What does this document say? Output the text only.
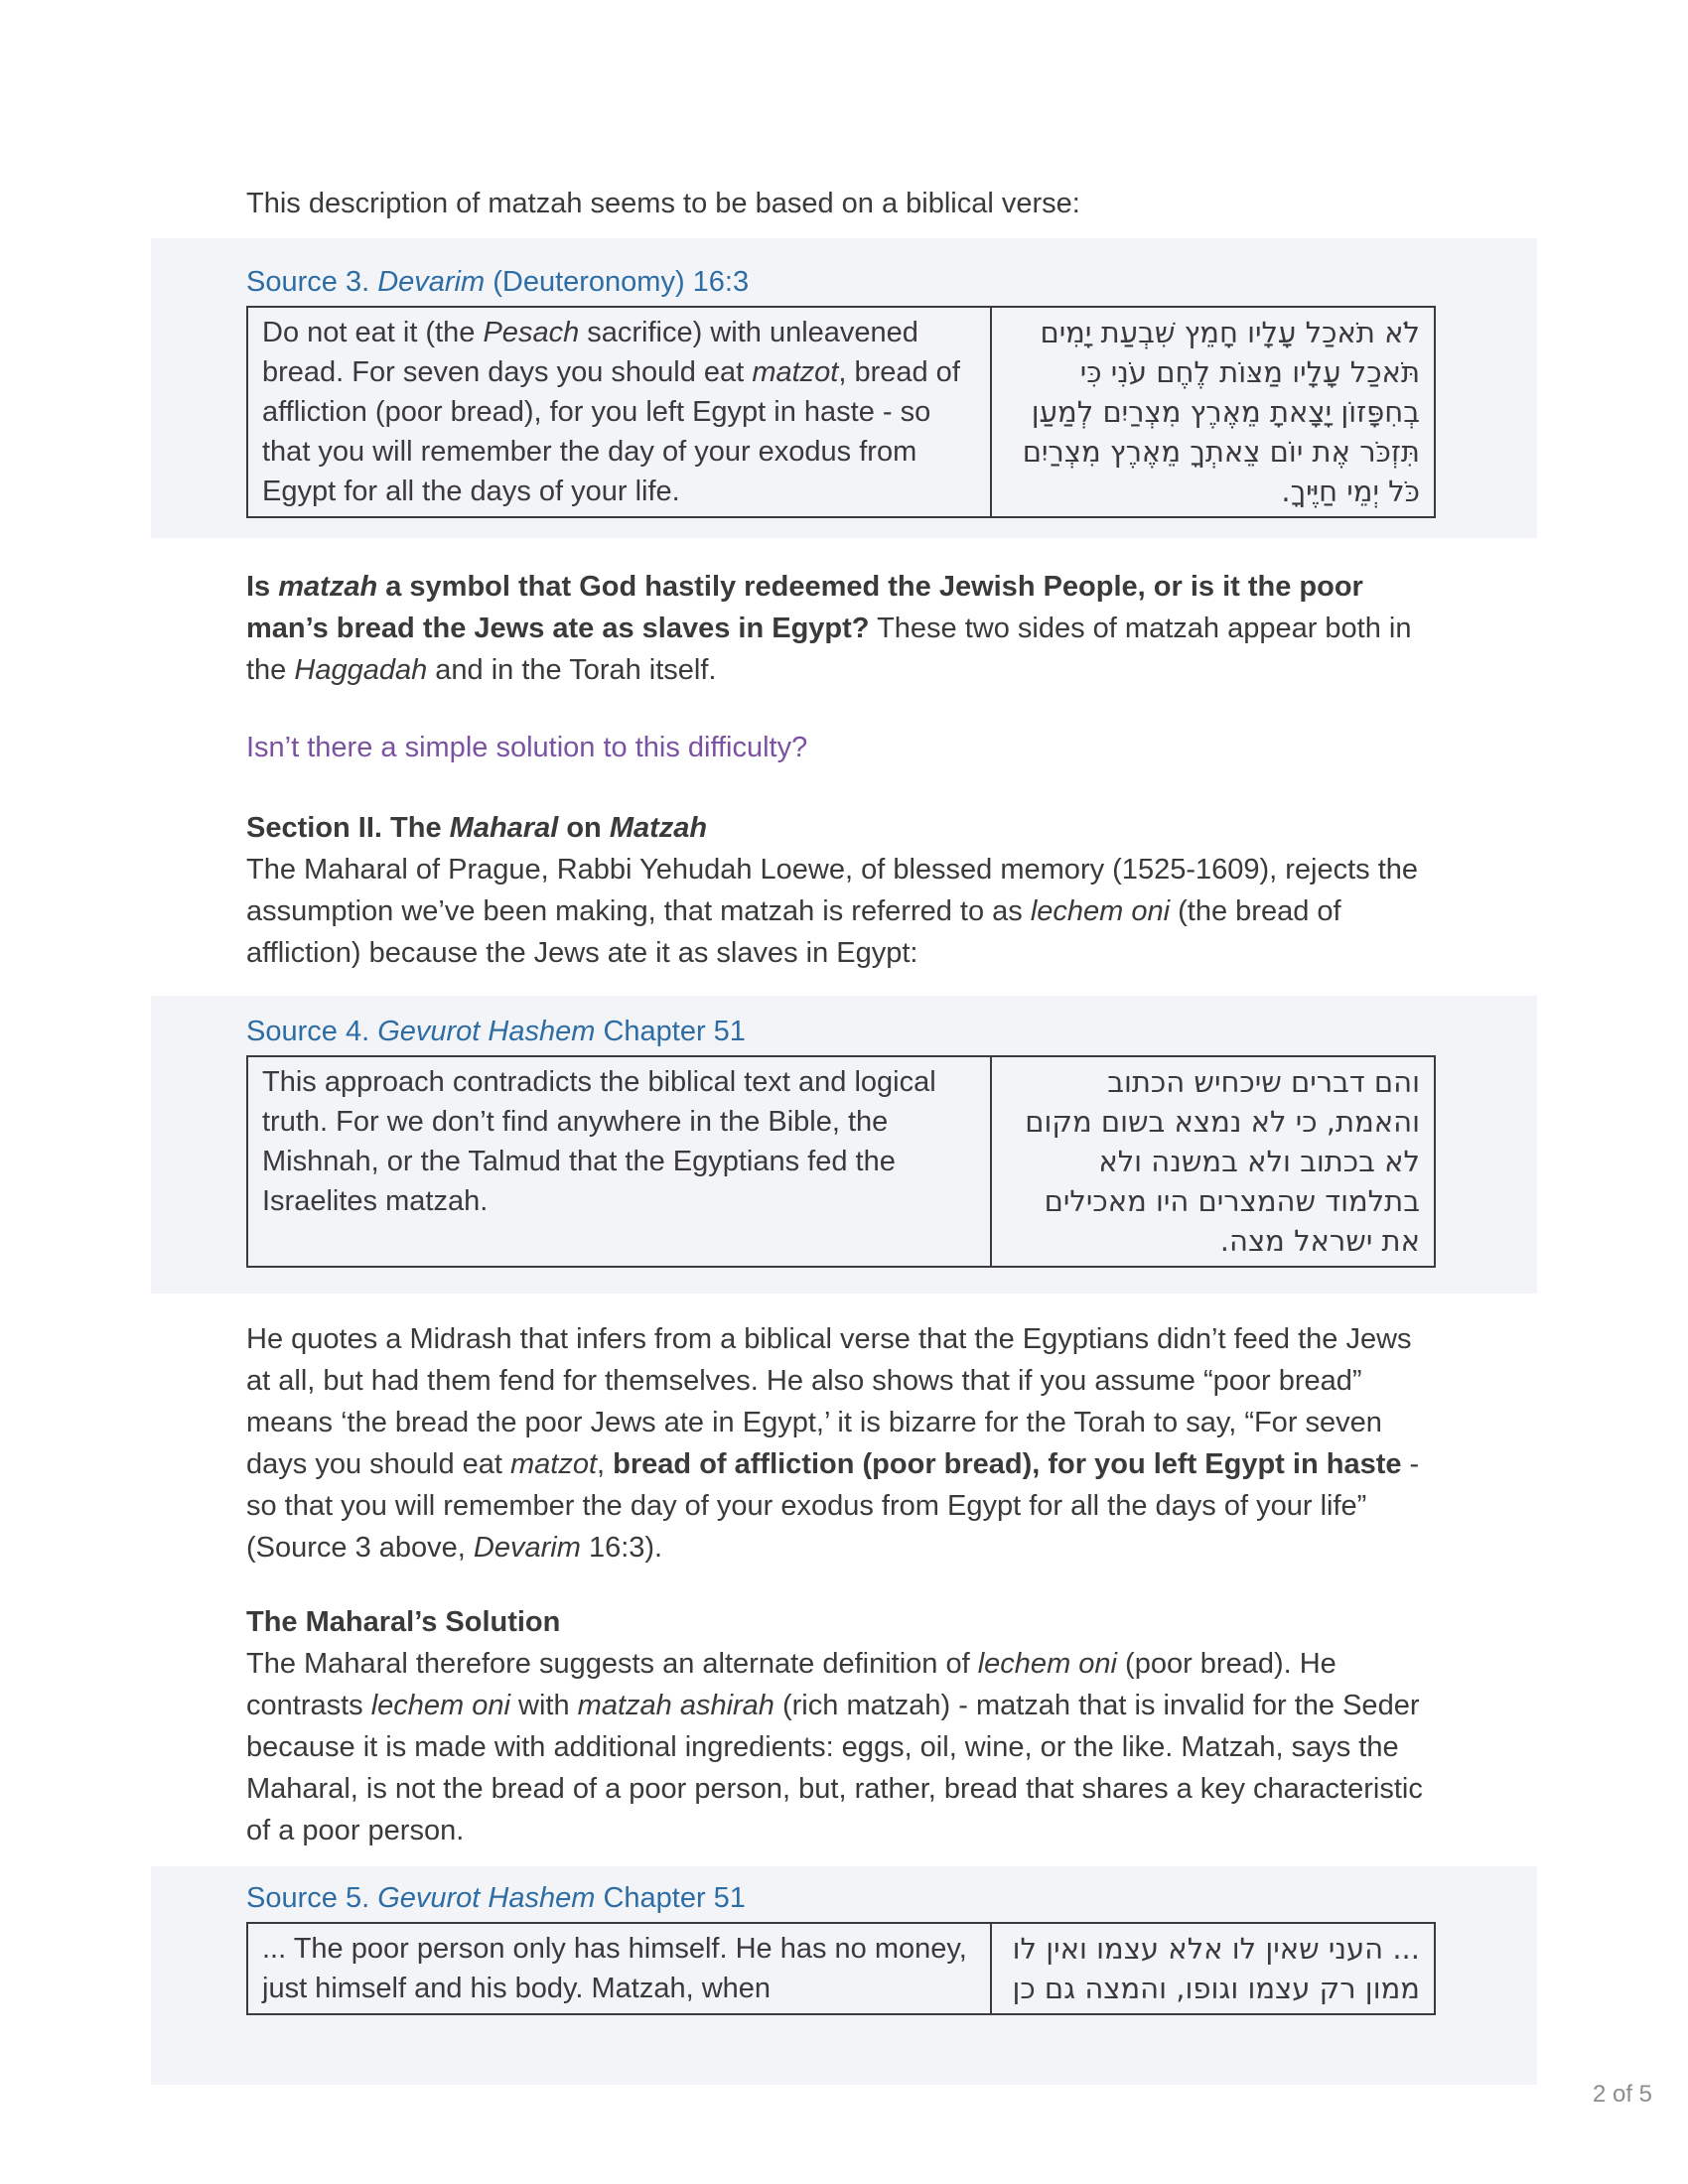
This description of matzah seems to be based on a biblical verse:

Source 3. Devarim (Deuteronomy) 16:3

Do not eat it (the Pesach sacrifice) with unleavened bread. For seven days you should eat matzot, bread of affliction (poor bread), for you left Egypt in haste - so that you will remember the day of your exodus from Egypt for all the days of your life.	לֹא תֹאכַל עָלָיו חָמֵץ שִׁבְעַת יָמִים תֹּאכַל עָלָיו מַצּוֹת לֶחֶם עֹנִי כִּי בְחִפָּזוֹן יָצָאתָ מֵאֶרֶץ מִצְרַיִם לְמַעַן תִּזְכֹּר אֶת יוֹם צֵאתְךָ מֵאֶרֶץ מִצְרַיִם כֹּל יְמֵי חַיֶּיךָ.

Is matzah a symbol that God hastily redeemed the Jewish People, or is it the poor man’s bread the Jews ate as slaves in Egypt? These two sides of matzah appear both in the Haggadah and in the Torah itself.

Isn’t there a simple solution to this difficulty?

Section II. The Maharal on Matzah

The Maharal of Prague, Rabbi Yehudah Loewe, of blessed memory (1525-1609), rejects the assumption we’ve been making, that matzah is referred to as lechem oni (the bread of affliction) because the Jews ate it as slaves in Egypt:

Source 4. Gevurot Hashem Chapter 51

This approach contradicts the biblical text and logical truth. For we don’t find anywhere in the Bible, the Mishnah, or the Talmud that the Egyptians fed the Israelites matzah.	והם דברים שיכחיש הכתוב והאמת, כי לא נמצא בשום מקום לא בכתוב ולא במשנה ולא בתלמוד שהמצרים היו מאכילים את ישראל מצה.

He quotes a Midrash that infers from a biblical verse that the Egyptians didn’t feed the Jews at all, but had them fend for themselves. He also shows that if you assume “poor bread” means ‘the bread the poor Jews ate in Egypt,’ it is bizarre for the Torah to say, “For seven days you should eat matzot, bread of affliction (poor bread), for you left Egypt in haste - so that you will remember the day of your exodus from Egypt for all the days of your life” (Source 3 above, Devarim 16:3).

The Maharal’s Solution

The Maharal therefore suggests an alternate definition of lechem oni (poor bread). He contrasts lechem oni with matzah ashirah (rich matzah) - matzah that is invalid for the Seder because it is made with additional ingredients: eggs, oil, wine, or the like. Matzah, says the Maharal, is not the bread of a poor person, but, rather, bread that shares a key characteristic of a poor person.

Source 5. Gevurot Hashem Chapter 51

... The poor person only has himself. He has no money, just himself and his body. Matzah, when	... העני שאין לו אלא עצמו ואין לו ממון רק עצמו וגופו, והמצה גם כן
2 of 5
